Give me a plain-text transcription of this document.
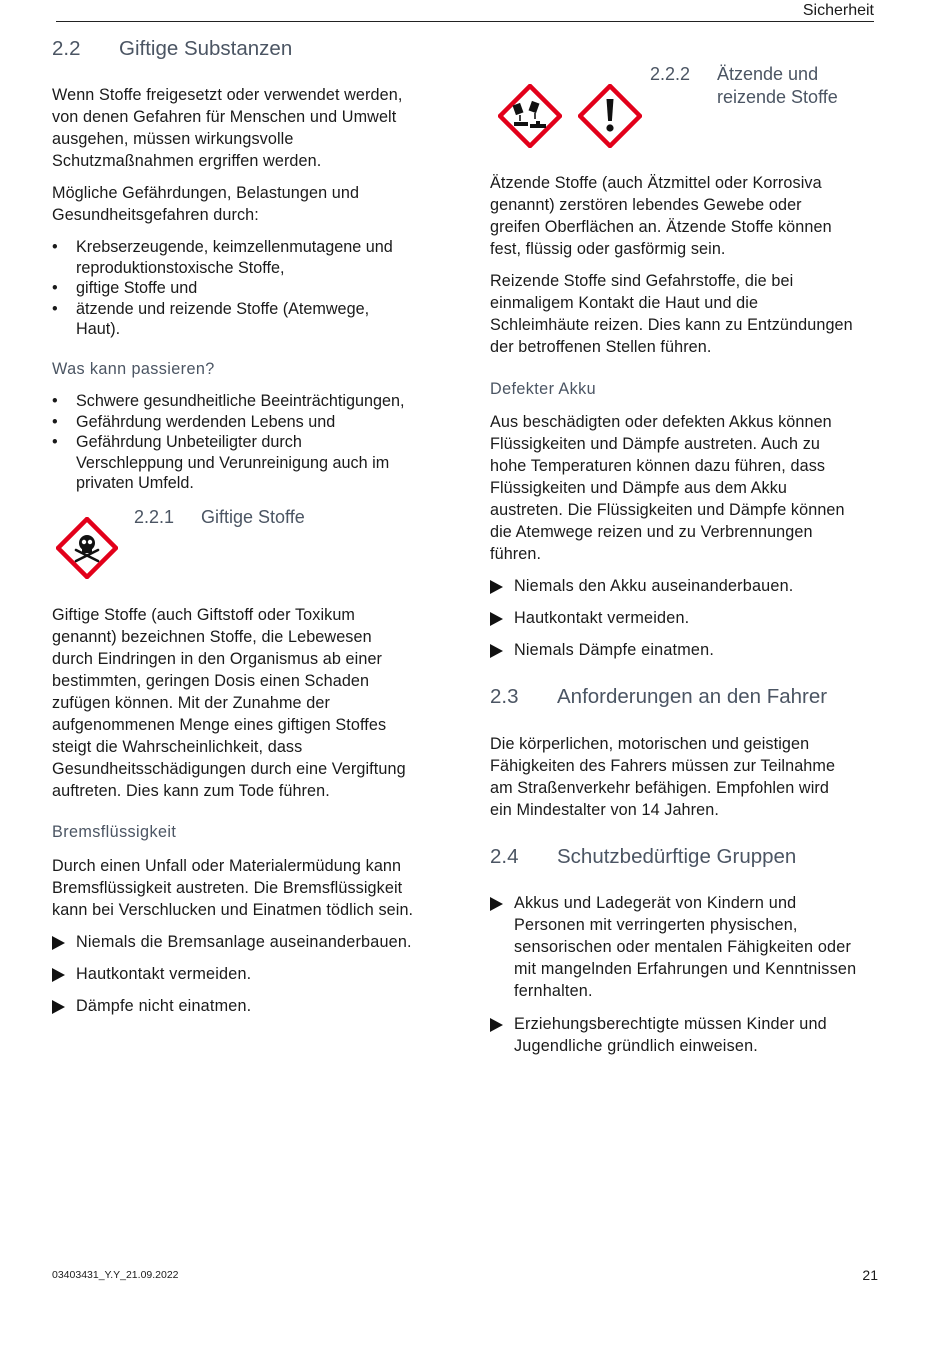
Sicherheit
2.2 Giftige Substanzen
Wenn Stoffe freigesetzt oder verwendet werden,
von denen Gefahren für Menschen und Umwelt
ausgehen, müssen wirkungsvolle
Schutzmaßnahmen ergriffen werden.
Mögliche Gefährdungen, Belastungen und
Gesundheitsgefahren durch:
• Krebserzeugende, keimzellenmutagene und
reproduktionstoxische Stoffe,
• giftige Stoffe und
• ätzende und reizende Stoffe (Atemwege,
Haut).
Was kann passieren?
• Schwere gesundheitliche Beeinträchtigungen,
• Gefährdung werdenden Lebens und
• Gefährdung Unbeteiligter durch
Verschleppung und Verunreinigung auch im
privaten Umfeld.
2.2.1 Giftige Stoffe
Giftige Stoffe (auch Giftstoff oder Toxikum
genannt) bezeichnen Stoffe, die Lebewesen
durch Eindringen in den Organismus ab einer
bestimmten, geringen Dosis einen Schaden
zufügen können. Mit der Zunahme der
aufgenommenen Menge eines giftigen Stoffes
steigt die Wahrscheinlichkeit, dass
Gesundheitsschädigungen durch eine Vergiftung
auftreten. Dies kann zum Tode führen.
Bremsflüssigkeit
Durch einen Unfall oder Materialermüdung kann
Bremsflüssigkeit austreten. Die Bremsflüssigkeit
kann bei Verschlucken und Einatmen tödlich sein.
Niemals die Bremsanlage auseinanderbauen.
Hautkontakt vermeiden.
Dämpfe nicht einatmen.
2.2.2 Ätzende und
reizende Stoffe
Ätzende Stoffe (auch Ätzmittel oder Korrosiva
genannt) zerstören lebendes Gewebe oder
greifen Oberflächen an. Ätzende Stoffe können
fest, flüssig oder gasförmig sein.
Reizende Stoffe sind Gefahrstoffe, die bei
einmaligem Kontakt die Haut und die
Schleimhäute reizen. Dies kann zu Entzündungen
der betroffenen Stellen führen.
Defekter Akku
Aus beschädigten oder defekten Akkus können
Flüssigkeiten und Dämpfe austreten. Auch zu
hohe Temperaturen können dazu führen, dass
Flüssigkeiten und Dämpfe aus dem Akku
austreten. Die Flüssigkeiten und Dämpfe können
die Atemwege reizen und zu Verbrennungen
führen.
Niemals den Akku auseinanderbauen.
Hautkontakt vermeiden.
Niemals Dämpfe einatmen.
2.3 Anforderungen an den Fahrer
Die körperlichen, motorischen und geistigen
Fähigkeiten des Fahrers müssen zur Teilnahme
am Straßenverkehr befähigen. Empfohlen wird
ein Mindestalter von 14 Jahren.
2.4 Schutzbedürftige Gruppen
Akkus und Ladegerät von Kindern und
Personen mit verringerten physischen,
sensorischen oder mentalen Fähigkeiten oder
mit mangelnden Erfahrungen und Kenntnissen
fernhalten.
Erziehungsberechtigte müssen Kinder und
Jugendliche gründlich einweisen.
03403431_Y.Y_21.09.2022	21
